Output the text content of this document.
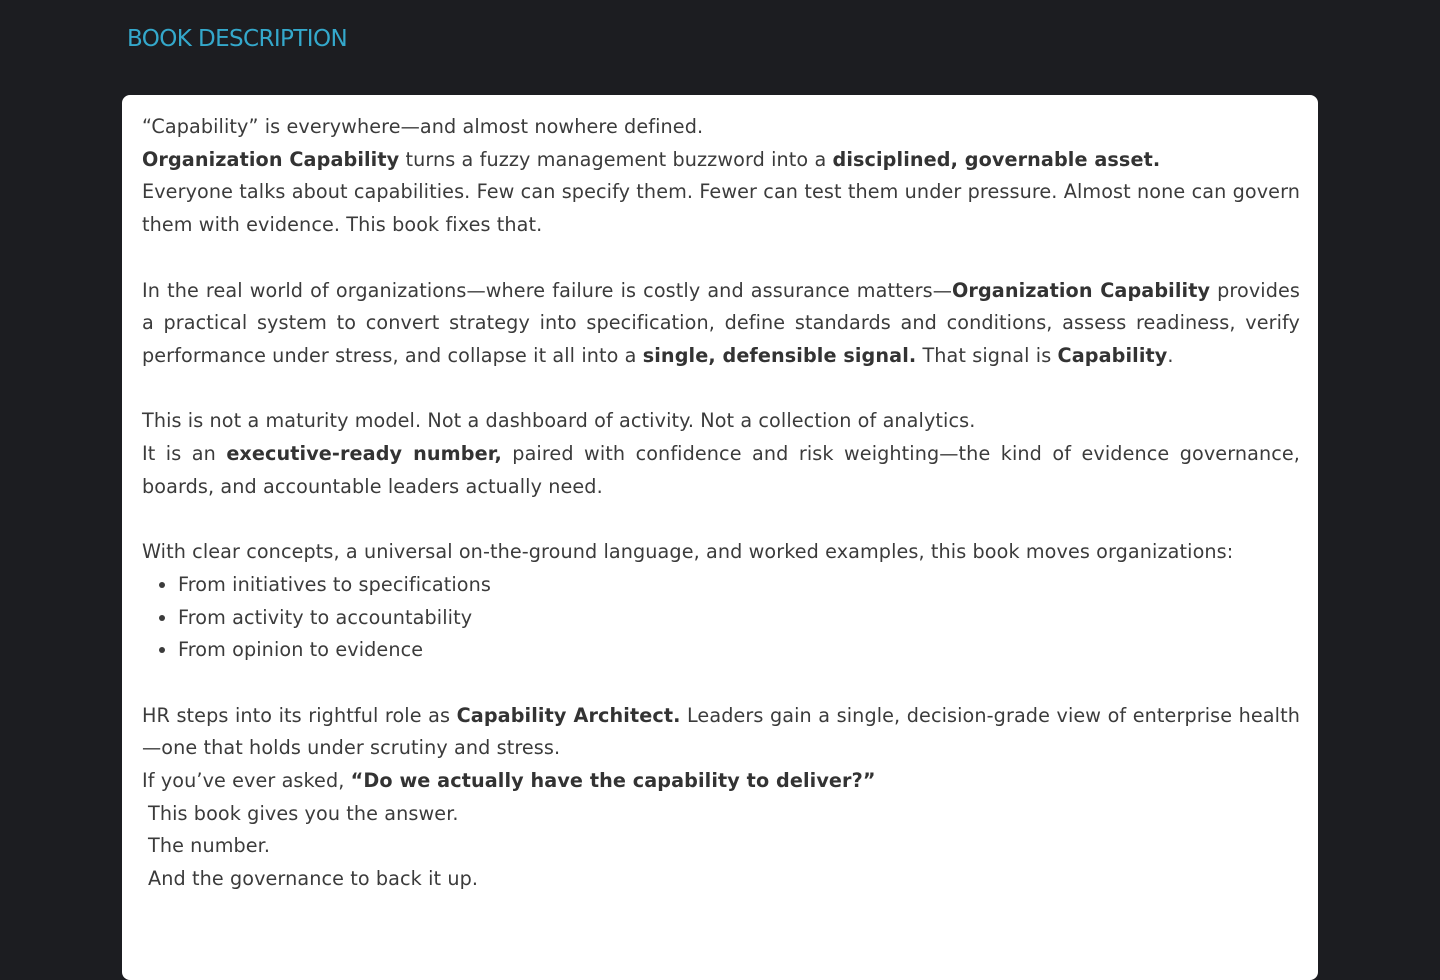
BOOK DESCRIPTION

“Capability” is everywhere—and almost nowhere defined.

Organization Capability turns a fuzzy management buzzword into a disciplined, governable asset.

Everyone talks about capabilities. Few can specify them. Fewer can test them under pressure. Almost none can govern them with evidence. This book fixes that.

In the real world of organizations—where failure is costly and assurance matters—Organization Capability provides a practical system to convert strategy into specification, define standards and conditions, assess readiness, verify performance under stress, and collapse it all into a single, defensible signal. That signal is Capability.

This is not a maturity model. Not a dashboard of activity. Not a collection of analytics.

It is an executive-ready number, paired with confidence and risk weighting—the kind of evidence governance, boards, and accountable leaders actually need.

With clear concepts, a universal on-the-ground language, and worked examples, this book moves organizations:

• From initiatives to specifications
• From activity to accountability
• From opinion to evidence

HR steps into its rightful role as Capability Architect. Leaders gain a single, decision-grade view of enterprise health—one that holds under scrutiny and stress.

If you’ve ever asked, “Do we actually have the capability to deliver?”

This book gives you the answer.

The number.

And the governance to back it up.
